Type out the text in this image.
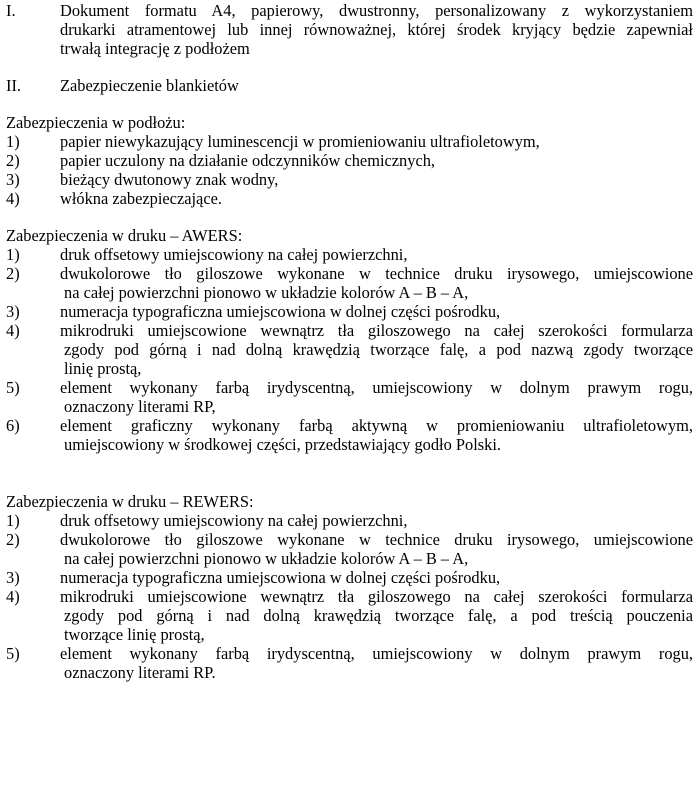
I.	Dokument formatu A4, papierowy, dwustronny, personalizowany z wykorzystaniem
drukarki atramentowej lub innej równoważnej, której środek kryjący będzie zapewniał
trwałą integrację z podłożem
II.	Zabezpieczenie blankietów

Zabezpieczenia w podłożu:

1)	papier niewykazujący luminescencji w promieniowaniu ultrafioletowym,
2)	papier uczulony na działanie odczynników chemicznych,
3)	bieżący dwutonowy znak wodny,
4)	włókna zabezpieczające.

Zabezpieczenia w druku – AWERS:

1)	druk offsetowy umiejscowiony na całej powierzchni,
2)	dwukolorowe tło giloszowe wykonane w technice druku irysowego, umiejscowione
na całej powierzchni pionowo w układzie kolorów A – B – A,
3)	numeracja typograficzna umiejscowiona w dolnej części pośrodku,
4)	mikrodruki umiejscowione wewnątrz tła giloszowego na całej szerokości formularza
zgody pod górną i nad dolną krawędzią tworzące falę, a pod nazwą zgody tworzące
linię prostą,
5)	element wykonany farbą irydyscentną, umiejscowiony w dolnym prawym rogu,
oznaczony literami RP,
6)	element graficzny wykonany farbą aktywną w promieniowaniu ultrafioletowym,
umiejscowiony w środkowej części, przedstawiający godło Polski.

Zabezpieczenia w druku – REWERS:

1)	druk offsetowy umiejscowiony na całej powierzchni,
2)	dwukolorowe tło giloszowe wykonane w technice druku irysowego, umiejscowione
na całej powierzchni pionowo w układzie kolorów A – B – A,
3)	numeracja typograficzna umiejscowiona w dolnej części pośrodku,
4)	mikrodruki umiejscowione wewnątrz tła giloszowego na całej szerokości formularza
zgody pod górną i nad dolną krawędzią tworzące falę, a pod treścią pouczenia
tworzące linię prostą,
5)	element wykonany farbą irydyscentną, umiejscowiony w dolnym prawym rogu,
oznaczony literami RP.
